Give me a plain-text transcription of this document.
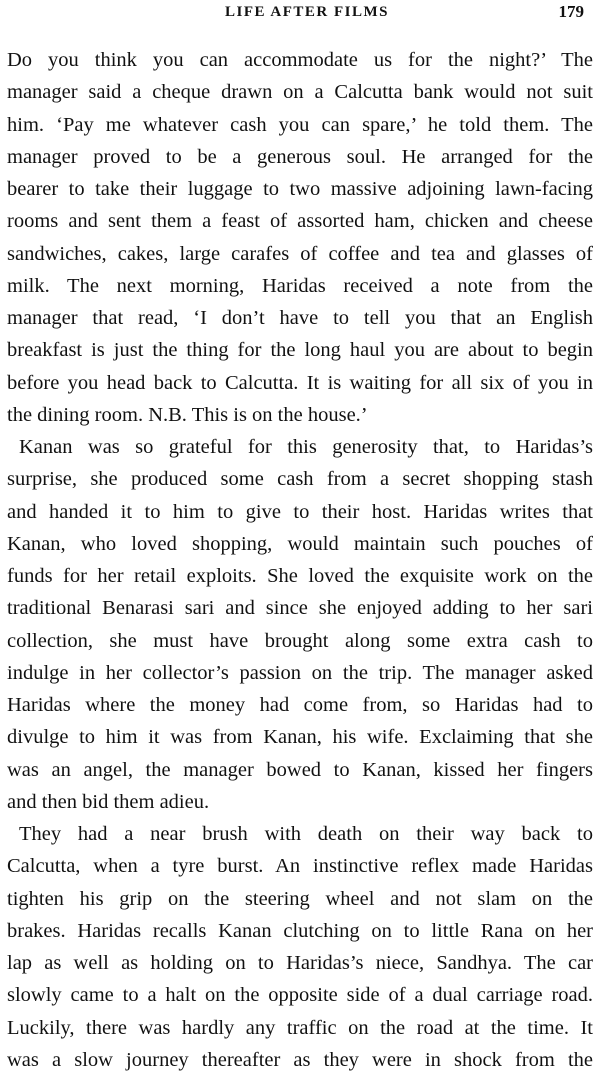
LIFE AFTER FILMS	179
Do you think you can accommodate us for the night?’ The
manager said a cheque drawn on a Calcutta bank would not suit
him. ‘Pay me whatever cash you can spare,’ he told them. The
manager proved to be a generous soul. He arranged for the
bearer to take their luggage to two massive adjoining lawn-facing
rooms and sent them a feast of assorted ham, chicken and cheese
sandwiches, cakes, large carafes of coffee and tea and glasses of
milk. The next morning, Haridas received a note from the
manager that read, ‘I don’t have to tell you that an English
breakfast is just the thing for the long haul you are about to begin
before you head back to Calcutta. It is waiting for all six of you in
the dining room. N.B. This is on the house.’
Kanan was so grateful for this generosity that, to Haridas’s
surprise, she produced some cash from a secret shopping stash
and handed it to him to give to their host. Haridas writes that
Kanan, who loved shopping, would maintain such pouches of
funds for her retail exploits. She loved the exquisite work on the
traditional Benarasi sari and since she enjoyed adding to her sari
collection, she must have brought along some extra cash to
indulge in her collector’s passion on the trip. The manager asked
Haridas where the money had come from, so Haridas had to
divulge to him it was from Kanan, his wife. Exclaiming that she
was an angel, the manager bowed to Kanan, kissed her fingers
and then bid them adieu.
They had a near brush with death on their way back to
Calcutta, when a tyre burst. An instinctive reflex made Haridas
tighten his grip on the steering wheel and not slam on the
brakes. Haridas recalls Kanan clutching on to little Rana on her
lap as well as holding on to Haridas’s niece, Sandhya. The car
slowly came to a halt on the opposite side of a dual carriage road.
Luckily, there was hardly any traffic on the road at the time. It
was a slow journey thereafter as they were in shock from the
